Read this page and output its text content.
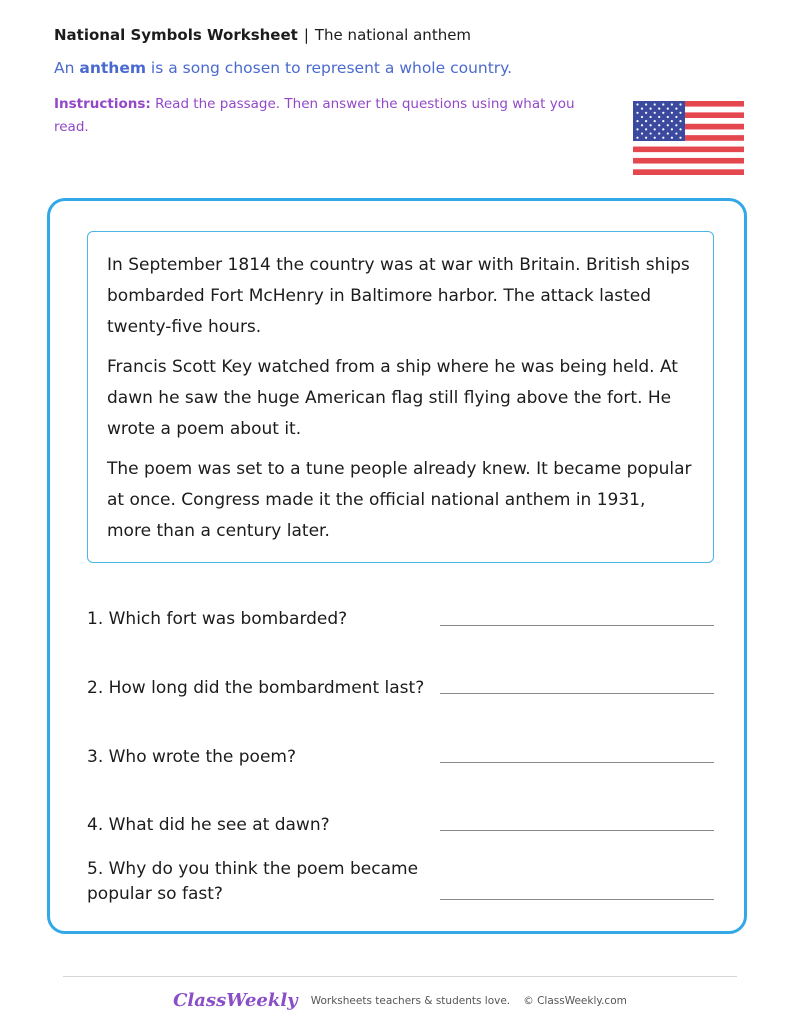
National Symbols Worksheet | The national anthem
An anthem is a song chosen to represent a whole country.
Instructions: Read the passage. Then answer the questions using what you read.

In September 1814 the country was at war with Britain. British ships bombarded Fort McHenry in Baltimore harbor. The attack lasted twenty-five hours.

Francis Scott Key watched from a ship where he was being held. At dawn he saw the huge American flag still flying above the fort. He wrote a poem about it.

The poem was set to a tune people already knew. It became popular at once. Congress made it the official national anthem in 1931, more than a century later.

1. Which fort was bombarded?
2. How long did the bombardment last?
3. Who wrote the poem?
4. What did he see at dawn?
5. Why do you think the poem became popular so fast?
ClassWeekly Worksheets teachers & students love. © ClassWeekly.com
